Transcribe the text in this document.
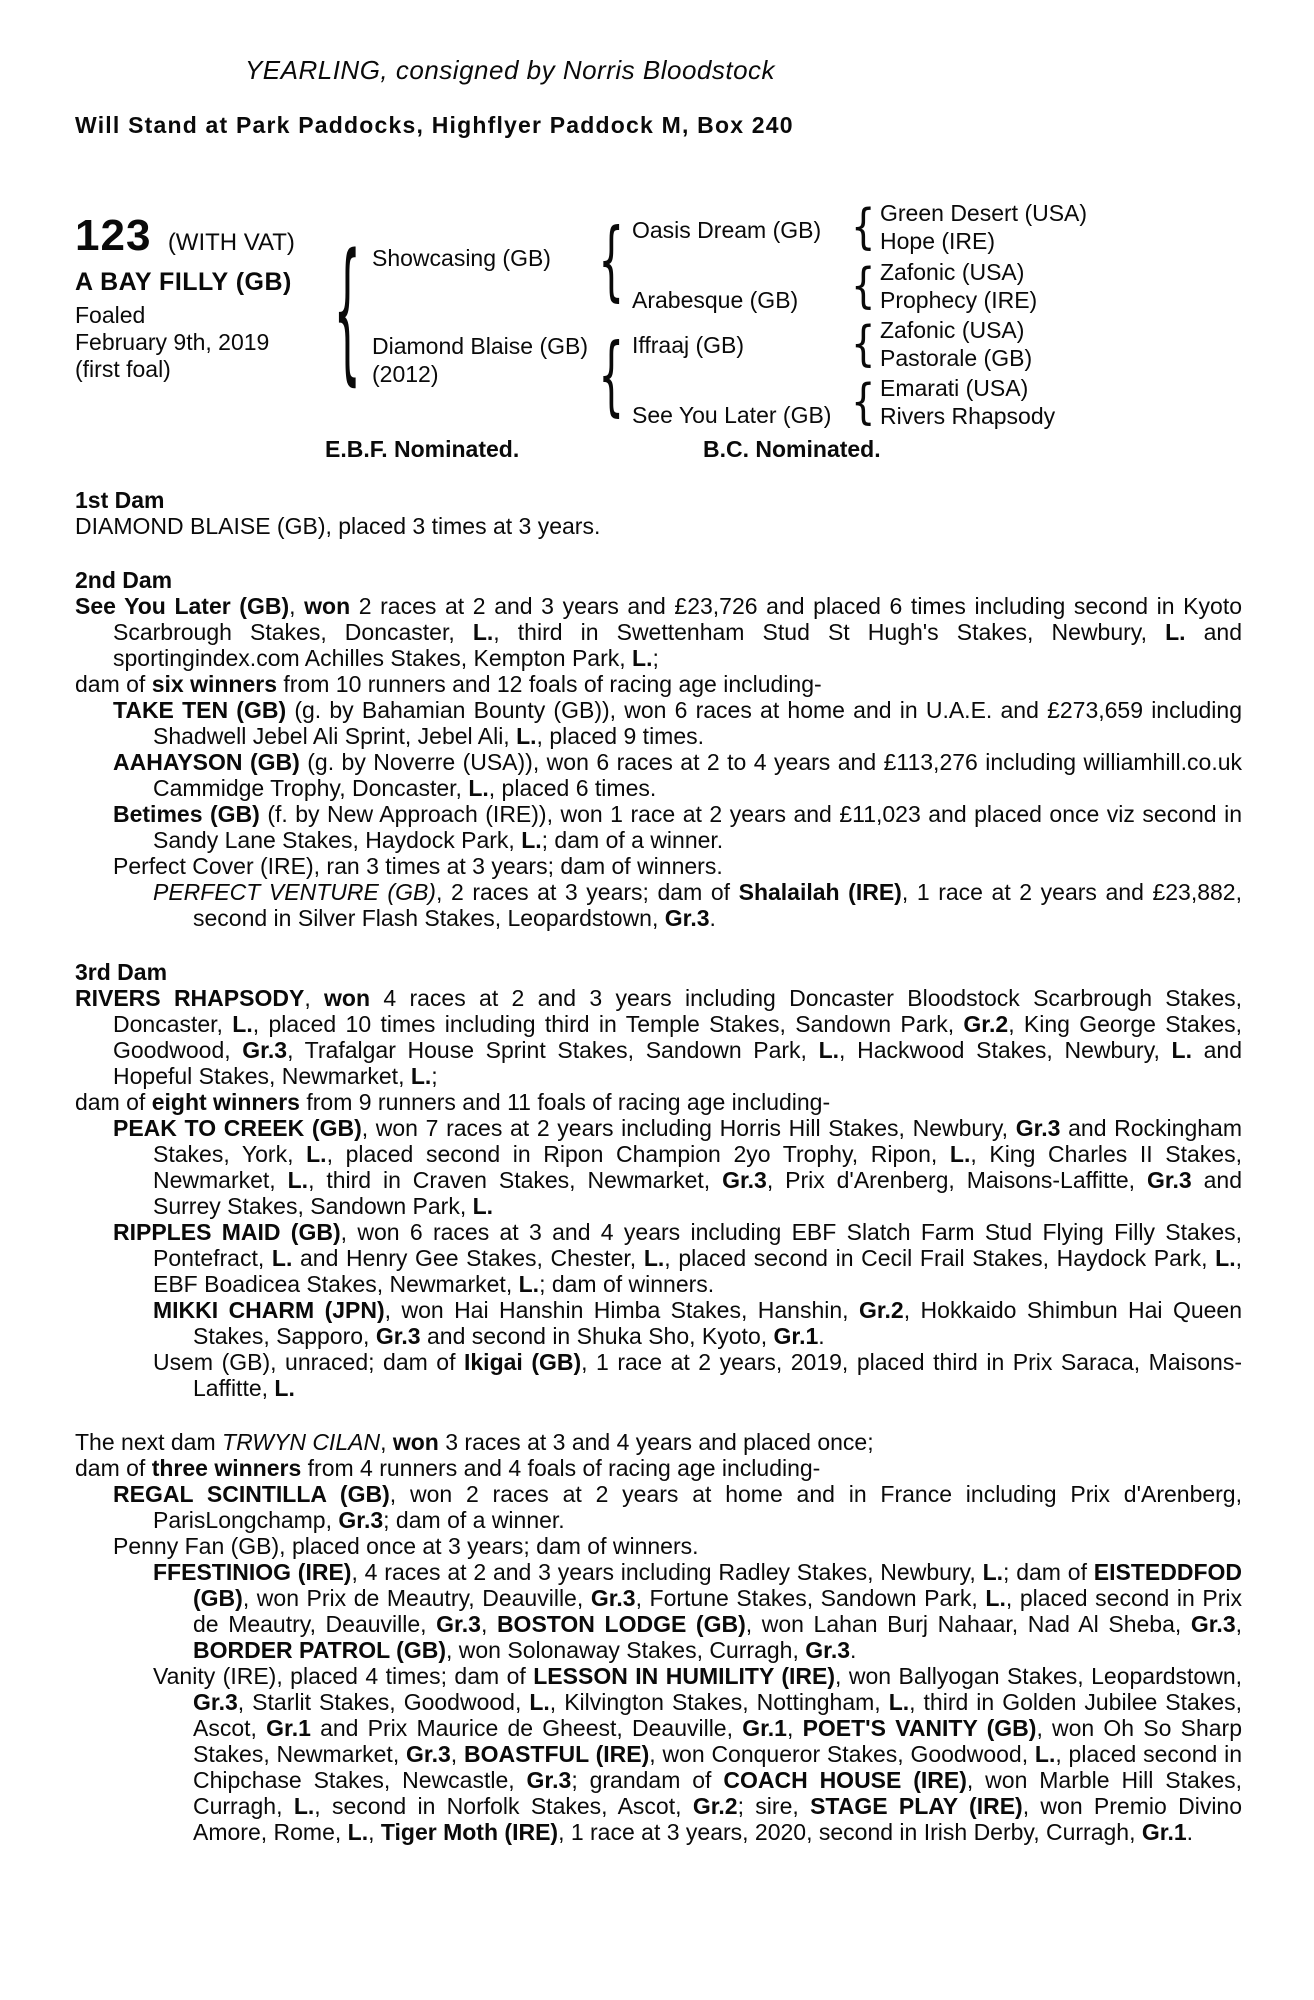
YEARLING, consigned by Norris Bloodstock
Will Stand at Park Paddocks, Highflyer Paddock M, Box 240
123 (WITH VAT)
A BAY FILLY (GB)
Foaled
February 9th, 2019
(first foal)	{ Showcasing (GB)
Diamond Blaise (GB)
(2012)
{
{
Oasis Dream (GB)
Arabesque (GB)
Iffraaj (GB)
See You Later (GB)
{
{
{
{
Green Desert (USA)
Hope (IRE)
Zafonic (USA)
Prophecy (IRE)
Zafonic (USA)
Pastorale (GB)
Emarati (USA)
Rivers Rhapsody
E.B.F. Nominated.	B.C. Nominated.
1st Dam

DIAMOND BLAISE (GB), placed 3 times at 3 years.

2nd Dam

See You Later (GB), won 2 races at 2 and 3 years and £23,726 and placed 6 times including second in Kyoto Scarbrough Stakes, Doncaster, L., third in Swettenham Stud St Hugh's Stakes, Newbury, L. and sportingindex.com Achilles Stakes, Kempton Park, L.;

dam of six winners from 10 runners and 12 foals of racing age including-

TAKE TEN (GB) (g. by Bahamian Bounty (GB)), won 6 races at home and in U.A.E. and £273,659 including Shadwell Jebel Ali Sprint, Jebel Ali, L., placed 9 times.

AAHAYSON (GB) (g. by Noverre (USA)), won 6 races at 2 to 4 years and £113,276 including williamhill.co.uk Cammidge Trophy, Doncaster, L., placed 6 times.

Betimes (GB) (f. by New Approach (IRE)), won 1 race at 2 years and £11,023 and placed once viz second in Sandy Lane Stakes, Haydock Park, L.; dam of a winner.

Perfect Cover (IRE), ran 3 times at 3 years; dam of winners.

PERFECT VENTURE (GB), 2 races at 3 years; dam of Shalailah (IRE), 1 race at 2 years and £23,882, second in Silver Flash Stakes, Leopardstown, Gr.3.

3rd Dam

RIVERS RHAPSODY, won 4 races at 2 and 3 years including Doncaster Bloodstock Scarbrough Stakes, Doncaster, L., placed 10 times including third in Temple Stakes, Sandown Park, Gr.2, King George Stakes, Goodwood, Gr.3, Trafalgar House Sprint Stakes, Sandown Park, L., Hackwood Stakes, Newbury, L. and Hopeful Stakes, Newmarket, L.;

dam of eight winners from 9 runners and 11 foals of racing age including-

PEAK TO CREEK (GB), won 7 races at 2 years including Horris Hill Stakes, Newbury, Gr.3 and Rockingham Stakes, York, L., placed second in Ripon Champion 2yo Trophy, Ripon, L., King Charles II Stakes, Newmarket, L., third in Craven Stakes, Newmarket, Gr.3, Prix d'Arenberg, Maisons-Laffitte, Gr.3 and Surrey Stakes, Sandown Park, L.

RIPPLES MAID (GB), won 6 races at 3 and 4 years including EBF Slatch Farm Stud Flying Filly Stakes, Pontefract, L. and Henry Gee Stakes, Chester, L., placed second in Cecil Frail Stakes, Haydock Park, L., EBF Boadicea Stakes, Newmarket, L.; dam of winners.

MIKKI CHARM (JPN), won Hai Hanshin Himba Stakes, Hanshin, Gr.2, Hokkaido Shimbun Hai Queen Stakes, Sapporo, Gr.3 and second in Shuka Sho, Kyoto, Gr.1.

Usem (GB), unraced; dam of Ikigai (GB), 1 race at 2 years, 2019, placed third in Prix Saraca, Maisons-Laffitte, L.

The next dam TRWYN CILAN, won 3 races at 3 and 4 years and placed once;

dam of three winners from 4 runners and 4 foals of racing age including-

REGAL SCINTILLA (GB), won 2 races at 2 years at home and in France including Prix d'Arenberg, ParisLongchamp, Gr.3; dam of a winner.

Penny Fan (GB), placed once at 3 years; dam of winners.

FFESTINIOG (IRE), 4 races at 2 and 3 years including Radley Stakes, Newbury, L.; dam of EISTEDDFOD (GB), won Prix de Meautry, Deauville, Gr.3, Fortune Stakes, Sandown Park, L., placed second in Prix de Meautry, Deauville, Gr.3, BOSTON LODGE (GB), won Lahan Burj Nahaar, Nad Al Sheba, Gr.3, BORDER PATROL (GB), won Solonaway Stakes, Curragh, Gr.3.

Vanity (IRE), placed 4 times; dam of LESSON IN HUMILITY (IRE), won Ballyogan Stakes, Leopardstown, Gr.3, Starlit Stakes, Goodwood, L., Kilvington Stakes, Nottingham, L., third in Golden Jubilee Stakes, Ascot, Gr.1 and Prix Maurice de Gheest, Deauville, Gr.1, POET'S VANITY (GB), won Oh So Sharp Stakes, Newmarket, Gr.3, BOASTFUL (IRE), won Conqueror Stakes, Goodwood, L., placed second in Chipchase Stakes, Newcastle, Gr.3; grandam of COACH HOUSE (IRE), won Marble Hill Stakes, Curragh, L., second in Norfolk Stakes, Ascot, Gr.2; sire, STAGE PLAY (IRE), won Premio Divino Amore, Rome, L., Tiger Moth (IRE), 1 race at 3 years, 2020, second in Irish Derby, Curragh, Gr.1.
